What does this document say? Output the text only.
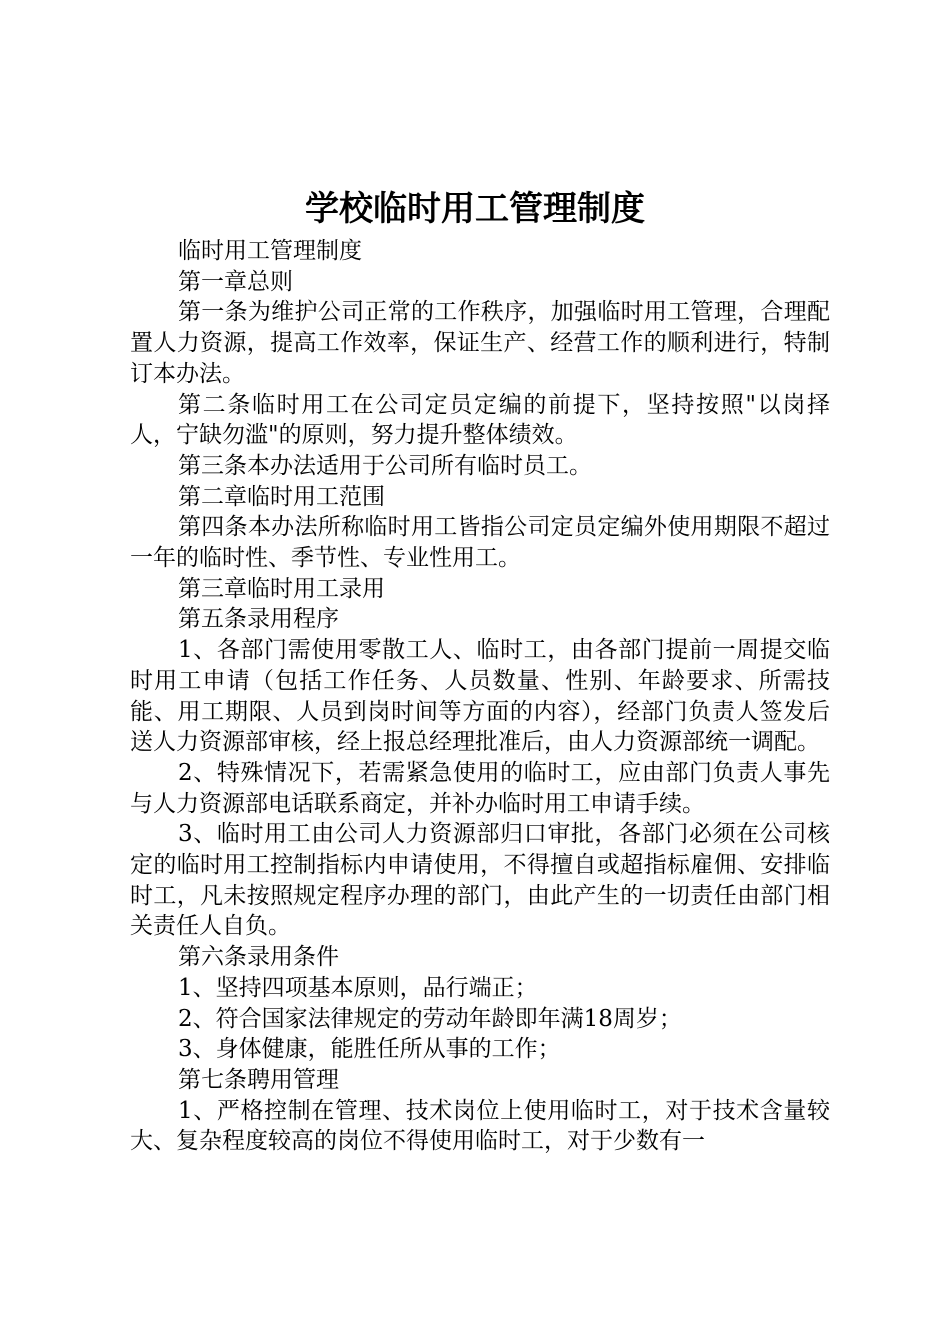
学校临时用工管理制度

临时用工管理制度

第一章总则

第一条为维护公司正常的工作秩序，加强临时用工管理，合理配置人力资源，提高工作效率，保证生产、经营工作的顺利进行，特制订本办法。

第二条临时用工在公司定员定编的前提下，坚持按照"以岗择人，宁缺勿滥"的原则，努力提升整体绩效。

第三条本办法适用于公司所有临时员工。

第二章临时用工范围

第四条本办法所称临时用工皆指公司定员定编外使用期限不超过一年的临时性、季节性、专业性用工。

第三章临时用工录用

第五条录用程序

1、各部门需使用零散工人、临时工，由各部门提前一周提交临时用工申请（包括工作任务、人员数量、性别、年龄要求、所需技能、用工期限、人员到岗时间等方面的内容），经部门负责人签发后送人力资源部审核，经上报总经理批准后，由人力资源部统一调配。

2、特殊情况下，若需紧急使用的临时工，应由部门负责人事先与人力资源部电话联系商定，并补办临时用工申请手续。

3、临时用工由公司人力资源部归口审批，各部门必须在公司核定的临时用工控制指标内申请使用，不得擅自或超指标雇佣、安排临时工，凡未按照规定程序办理的部门，由此产生的一切责任由部门相关责任人自负。

第六条录用条件

1、坚持四项基本原则，品行端正；

2、符合国家法律规定的劳动年龄即年满18周岁；

3、身体健康，能胜任所从事的工作；

第七条聘用管理

1、严格控制在管理、技术岗位上使用临时工，对于技术含量较大、复杂程度较高的岗位不得使用临时工，对于少数有一
